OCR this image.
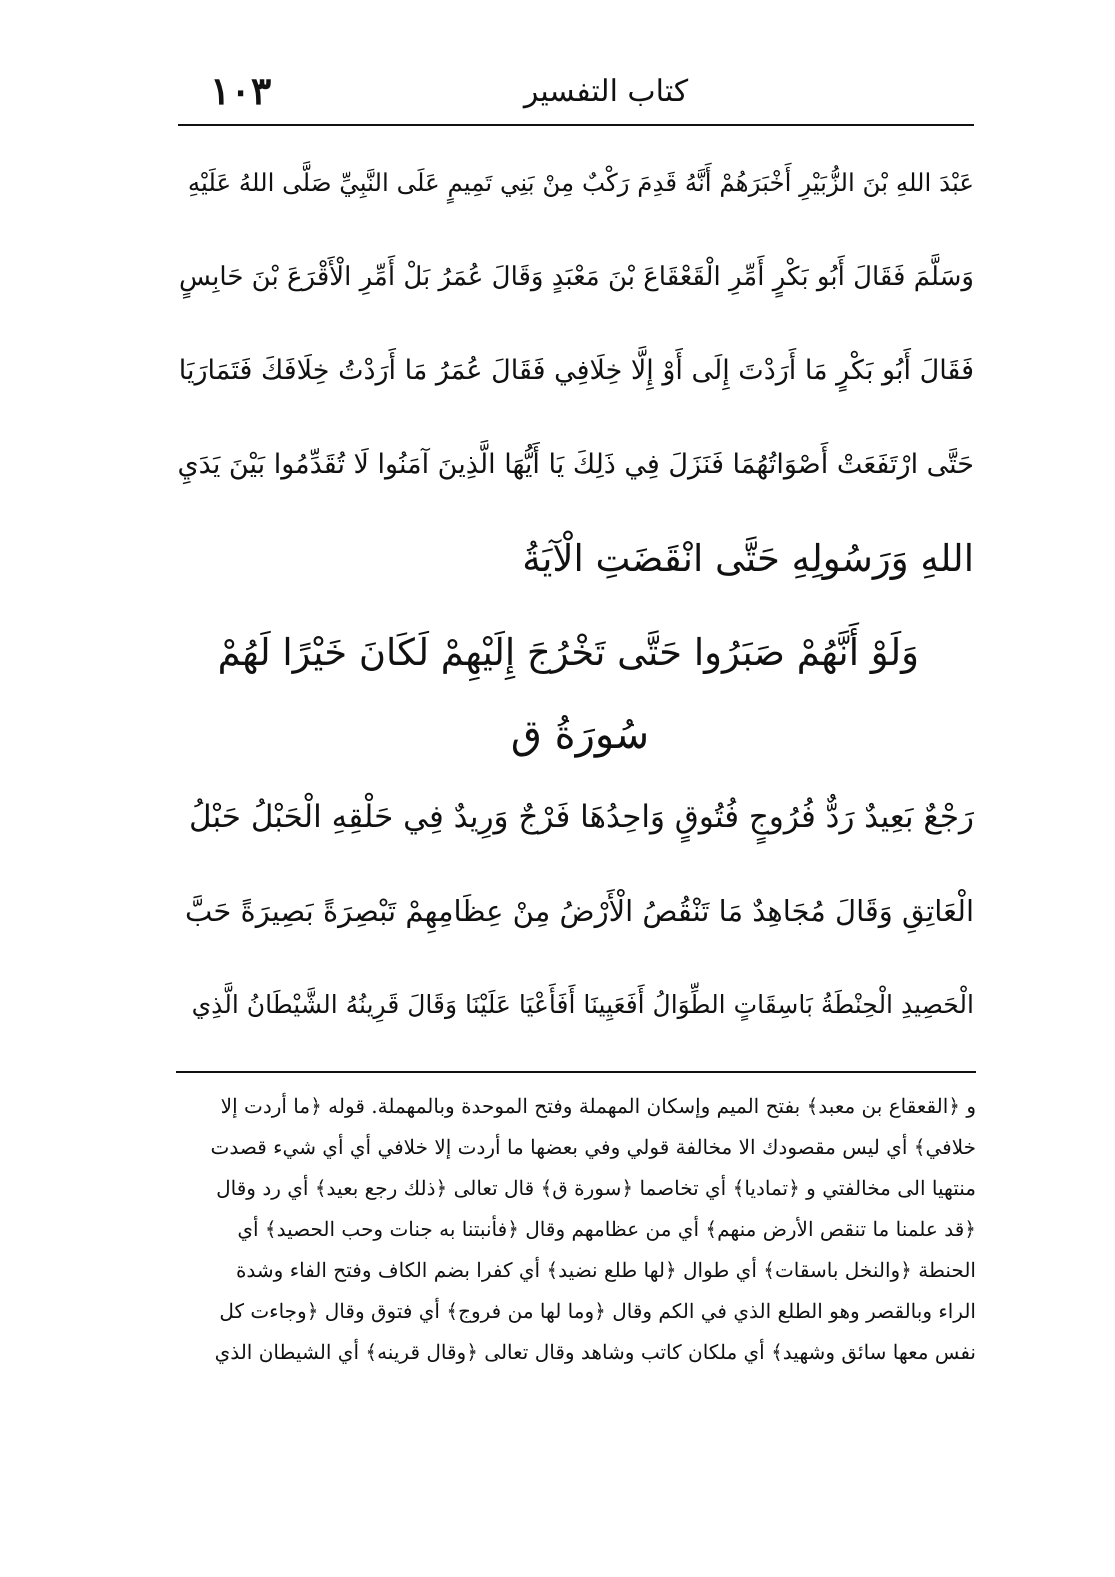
١٠٣	كتاب التفسير
عَبْدَ اللهِ بْنَ الزُّبَيْرِ أَخْبَرَهُمْ أَنَّهُ قَدِمَ رَكْبٌ مِنْ بَنِي تَمِيمٍ عَلَى النَّبِيِّ صَلَّى اللهُ عَلَيْهِ
وَسَلَّمَ فَقَالَ أَبُو بَكْرٍ أَمِّرِ الْقَعْقَاعَ بْنَ مَعْبَدٍ وَقَالَ عُمَرُ بَلْ أَمِّرِ الْأَقْرَعَ بْنَ حَابِسٍ
فَقَالَ أَبُو بَكْرٍ مَا أَرَدْتَ إِلَى أَوْ إِلَّا خِلَافِي فَقَالَ عُمَرُ مَا أَرَدْتُ خِلَافَكَ فَتَمَارَيَا
حَتَّى ارْتَفَعَتْ أَصْوَاتُهُمَا فَنَزَلَ فِي ذَلِكَ يَا أَيُّهَا الَّذِينَ آمَنُوا لَا تُقَدِّمُوا بَيْنَ يَدَيِ
اللهِ وَرَسُولِهِ حَتَّى انْقَضَتِ الْآيَةُ
وَلَوْ أَنَّهُمْ صَبَرُوا حَتَّى تَخْرُجَ إِلَيْهِمْ لَكَانَ خَيْرًا لَهُمْ
سُورَةُ ق
رَجْعٌ بَعِيدٌ رَدٌّ فُرُوجٍ فُتُوقٍ وَاحِدُهَا فَرْجٌ وَرِيدٌ فِي حَلْقِهِ الْحَبْلُ حَبْلُ
الْعَاتِقِ وَقَالَ مُجَاهِدٌ مَا تَنْقُصُ الْأَرْضُ مِنْ عِظَامِهِمْ تَبْصِرَةً بَصِيرَةً حَبَّ
الْحَصِيدِ الْحِنْطَةُ بَاسِقَاتٍ الطِّوَالُ أَفَعَيِينَا أَفَأَعْيَا عَلَيْنَا وَقَالَ قَرِينُهُ الشَّيْطَانُ الَّذِي
و ﴿القعقاع بن معبد﴾ بفتح الميم وإسكان المهملة وفتح الموحدة وبالمهملة. قوله ﴿ما أردت إلا
خلافي﴾ أي ليس مقصودك الا مخالفة قولي وفي بعضها ما أردت إلا خلافي أي أي شيء قصدت
منتهيا الى مخالفتي و ﴿تماديا﴾ أي تخاصما ﴿سورة ق﴾ قال تعالى ﴿ذلك رجع بعيد﴾ أي رد وقال
﴿قد علمنا ما تنقص الأرض منهم﴾ أي من عظامهم وقال ﴿فأنبتنا به جنات وحب الحصيد﴾ أي
الحنطة ﴿والنخل باسقات﴾ أي طوال ﴿لها طلع نضيد﴾ أي كفرا بضم الكاف وفتح الفاء وشدة
الراء وبالقصر وهو الطلع الذي في الكم وقال ﴿وما لها من فروج﴾ أي فتوق وقال ﴿وجاءت كل
نفس معها سائق وشهيد﴾ أي ملكان كاتب وشاهد وقال تعالى ﴿وقال قرينه﴾ أي الشيطان الذي
